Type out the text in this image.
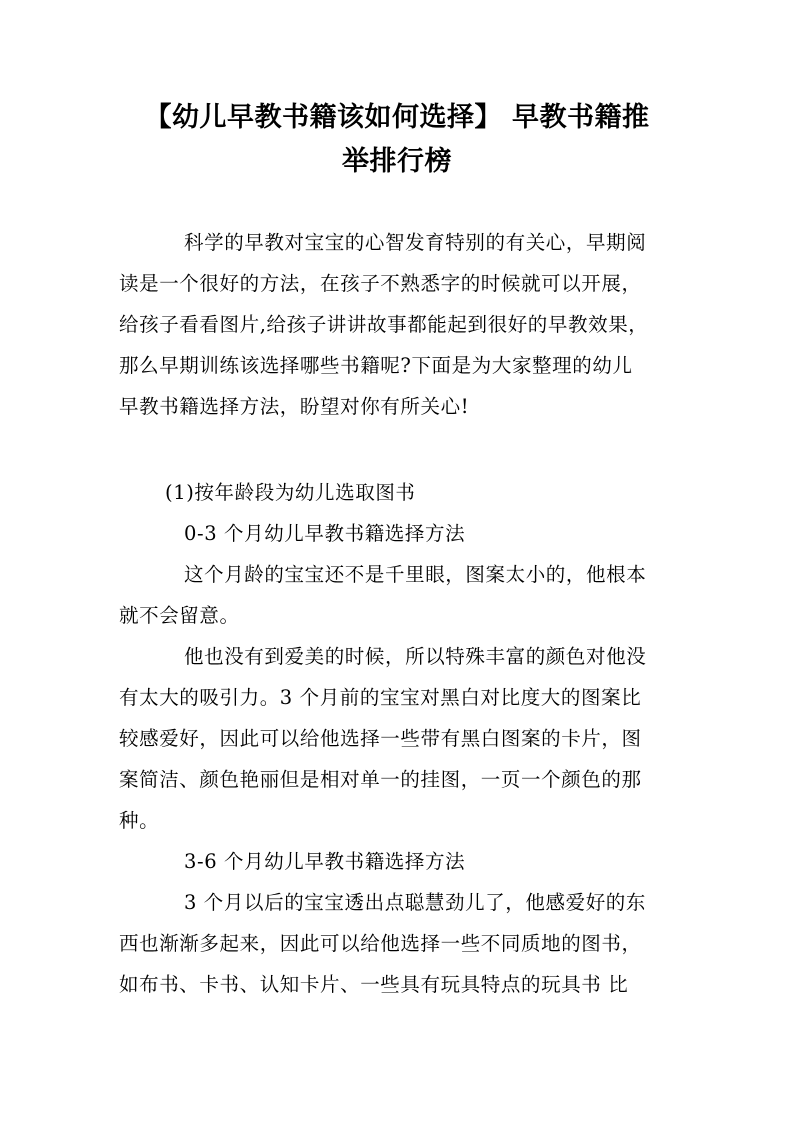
【幼儿早教书籍该如何选择】 早教书籍推
举排行榜
科学的早教对宝宝的心智发育特别的有关心，早期阅
读是一个很好的方法，在孩子不熟悉字的时候就可以开展，
给孩子看看图片,给孩子讲讲故事都能起到很好的早教效果，
那么早期训练该选择哪些书籍呢?下面是为大家整理的幼儿
早教书籍选择方法，盼望对你有所关心!
(1)按年龄段为幼儿选取图书
0-3 个月幼儿早教书籍选择方法
这个月龄的宝宝还不是千里眼，图案太小的，他根本
就不会留意。
他也没有到爱美的时候，所以特殊丰富的颜色对他没
有太大的吸引力。3 个月前的宝宝对黑白对比度大的图案比
较感爱好，因此可以给他选择一些带有黑白图案的卡片，图
案简洁、颜色艳丽但是相对单一的挂图，一页一个颜色的那
种。
3-6 个月幼儿早教书籍选择方法
3 个月以后的宝宝透出点聪慧劲儿了，他感爱好的东
西也渐渐多起来，因此可以给他选择一些不同质地的图书，
如布书、卡书、认知卡片、一些具有玩具特点的玩具书 比
